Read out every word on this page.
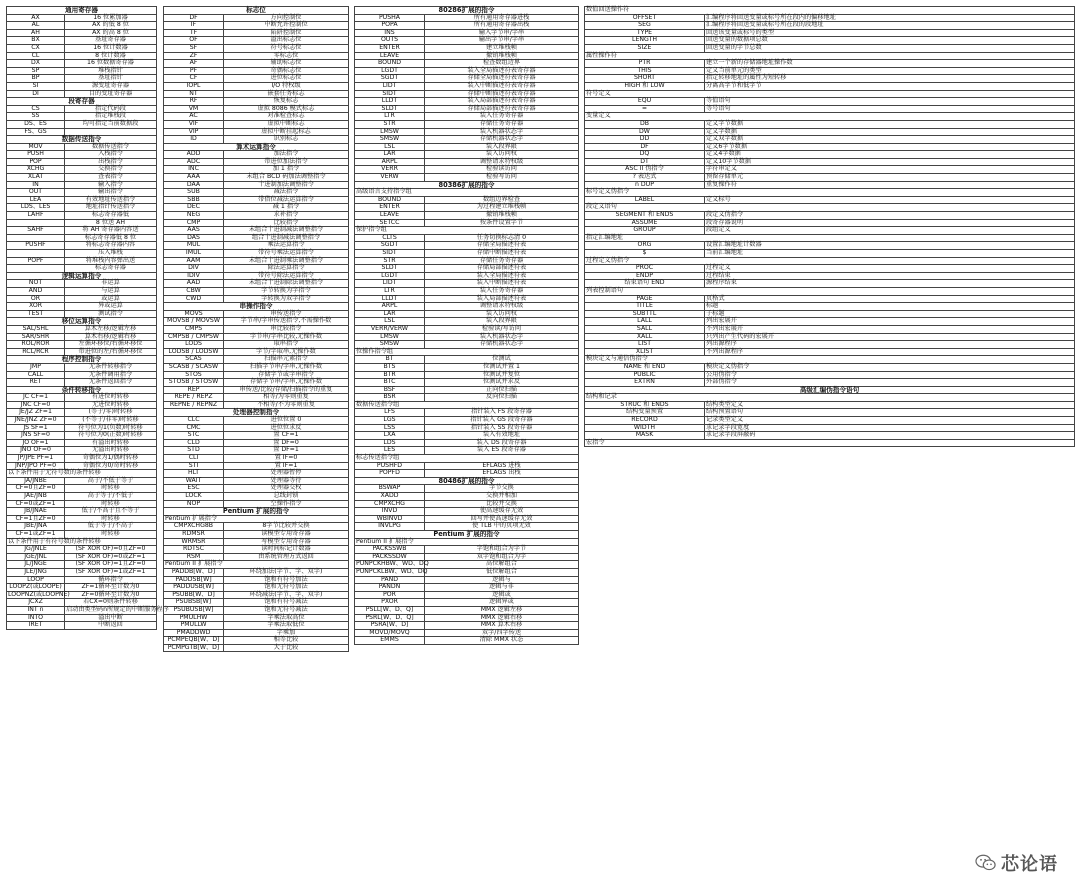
通用寄存器	
AX	16 位累加器
AL	AX 的低 8 位
AH	AX 的高 8 位
BX	基址寄存器
CX	16 位计数器
CL	8 位计数器
DX	16 位数据寄存器
SP	堆栈指针
BP	基址指针
SI	源变址寄存器
DI	目的变址寄存器
段寄存器	
CS	指定代码段
SS	指定堆栈段
DS、ES	均可指定当前数据段
FS、GS	
数据传送指令	
MOV	数据传送指令
PUSH	入栈指令
POP	出栈指令
XCHG	交换指令
XLAT	查表指令
IN	输入指令
OUT	输出指令
LEA	有效地址传送指令
LDS、LES	地址指针传送指令
LAHF	标志寄存器低
	8 位送 AH
SAHF	将 AH 寄存器内容送
	标志寄存器低 8 位
PUSHF	将标志寄存器内容
	压入堆栈
POPF	将堆栈内容弹出送
	标志寄存器
逻辑运算指令	
NOT	非运算
AND	与运算
OR	或运算
XOR	异或运算
TEST	测试指令
移位运算指令	
SAL/SHL	算术左移/逻辑左移
SAR/SHR	算术右移/逻辑右移
ROL/ROR	左循环移位/右循环移位
RCL/RCR	带进位的左/右循环移位
程序控制指令	
JMP	无条件转移指令
CALL	无条件调用指令
RET	无条件返回指令
条件转移指令	
JC CF=1	有进位时转移
JNC CF=0	无进位时转移
JE/JZ ZF=1	(等于/零)时转移
JNE/JNZ ZF=0	(不等于/非零)时转移
JS SF=1	符号位为1(负数)时转移
JNS SF=0	符号位为0(正数)时转移
JO OF=1	有溢出时转移
JNO OF=0	无溢出时转移
JP/JPE PF=1	奇偶位为1/偶时转移
JNP/JPO PF=0	奇偶位为0/奇时转移
以下条件用于无符号数的条件转移	
JA/JNBE	高于/不低于等于
CF=0且ZF=0	时转移
JAE/JNB	高于等于/不低于
CF=0或ZF=1	时转移
JB/JNAE	低于/不高于且不等于
CF=1且ZF=0	时转移
JBE/JNA	低于等于/不高于
CF=1或ZF=1	时转移
以下条件用于有符号数的条件转移	
JG/JNLE	(SF XOR OF)=0且ZF=0
JGE/JNL	(SF XOR OF)=0或ZF=1
JL/JNGE	(SF XOR OF)=1且ZF=0
JLE/JNG	(SF XOR OF)=1或ZF=1
LOOP	循环指令
LOOPZ(或LOOPE)	ZF=1循环至计数为0
LOOPNZ(或LOOPNE)	ZF=0循环至计数为0
JCXZ	若CX=0则条件转移
INT n	启动由类型码n所规定的中断服务程序
INTO	溢出中断
IRET	中断返回
标志位	
DF	方向控制位
IF	中断允许控制位
TF	陷阱控制位
OF	溢出标志位
SF	符号标志位
ZF	零标志位
AF	辅助标志位
PF	奇偶标志位
CF	进位标志位
IOPL	I/O 特权级
NT	嵌套任务标志
RF	恢复标志
VM	虚拟 8086 模式标志
AC	对准检查标志
VIF	虚拟中断标志
VIP	虚拟中断挂起标志
ID	识别标志
算术运算指令	
ADD	加法指令
ADC	带进位加法指令
INC	加 1 指令
AAA	未组合 BCD 码加法调整指令
DAA	十进制加法调整指令
SUB	减法指令
SBB	带借位减法运算指令
DEC	减 1 指令
NEG	求补指令
CMP	比较指令
AAS	未组合十进制减法调整指令
DAS	组合十进制减法调整指令
MUL	乘法运算指令
IMUL	带符号乘法运算指令
AAM	未组合十进制乘法调整指令
DIV	除法运算指令
IDIV	带符号除法运算指令
AAD	未组合十进制除法调整指令
CBW	字节转换为字指令
CWD	字转换为双字指令
串操作指令	
MOVS	串传送指令
MOVSB / MOVSW	字节串/字串传送指令,不需操作数
CMPS	串比较指令
CMPSB / CMPSW	字节串/字串比较,无操作数
LODS	取串指令
LODSB / LODSW	字节/字取串,无操作数
SCAS	扫描串元素指令
SCASB / SCASW	扫描字节串/字串,无操作数
STOS	存储字节或字串指令
STOSB / STOSW	存储字节串/字串,无操作数
REP	串传送/比较/存储/扫描指令的重复
REPE / REPZ	相等/为零则重复
REPNE / REPNZ	不相等/不为零则重复
处理器控制指令	
CLC	进位位置 0
CMC	进位位求反
STC	置 CF=1
CLD	置 DF=0
STD	置 DF=1
CLI	置 IF=0
STI	置 IF=1
HLT	处理器暂停
WAIT	处理器等待
ESC	处理器交权
LOCK	总线封锁
NOP	空操作指令
Pentium 扩展的指令	
Pentium 扩展指令	
CMPXCHG8B	8字节比较并交换
RDMSR	读模型专用寄存器
WRMSR	写模型专用寄存器
RDTSC	读时间标记计数器
RSM	由系统管理方式返回
Pentium II 扩展指令	
PADDB[W、D]	环绕加法(字节、字、双字)
PADDSB[W]	饱和有符号加法
PADDUSB[W]	饱和无符号加法
PSUBB[W、D]	环绕减法(字节、字、双字)
PSUBSB[W]	饱和有符号减法
PSUBUSB[W]	饱和无符号减法
PMULHW	字乘法取高位
PMULLW	字乘法取低位
PMADDWD	字乘加
PCMPEQB[W、D]	相等比较
PCMPGTB[W、D]	大于比较
80286扩展的指令	
PUSHA	所有通用寄存器进栈
POPA	所有通用寄存器出栈
INS	输入字节串/字串
OUTS	输出字节串/字串
ENTER	建立堆栈帧
LEAVE	撤销堆栈帧
BOUND	检查数组边界
LGDT	装入全局描述符表寄存器
SGDT	存储全局描述符表寄存器
LIDT	装入中断描述符表寄存器
SIDT	存储中断描述符表寄存器
LLDT	装入局部描述符表寄存器
SLDT	存储局部描述符表寄存器
LTR	装入任务寄存器
STR	存储任务寄存器
LMSW	装入机器状态字
SMSW	存储机器状态字
LSL	装入段界限
LAR	装入访问权
ARPL	调整请求特权级
VERR	检验读访问
VERW	检验写访问
80386扩展的指令	
高级语言支持指令组	
BOUND	数组边界检查
ENTER	为过程建立堆栈帧
LEAVE	撤销堆栈帧
SETCC	按条件设置字节
保护指令组	
CLTS	任务切换标志清 0
SGDT	存储全局描述符表
SIDT	存储中断描述符表
STR	存储任务寄存器
SLDT	存储局部描述符表
LGDT	装入全局描述符表
LIDT	装入中断描述符表
LTR	装入任务寄存器
LLDT	装入局部描述符表
ARPL	调整请求特权级
LAR	装入访问权
LSL	装入段界限
VERR/VERW	检验读/写访问
LMSW	装入机器状态字
SMSW	存储机器状态字
位操作指令组	
BT	位测试
BTS	位测试并置 1
BTR	位测试并复位
BTC	位测试并求反
BSF	正向位扫描
BSR	反向位扫描
数据传送指令组	
LFS	指针装入 FS 段寄存器
LGS	指针装入 GS 段寄存器
LSS	指针装入 SS 段寄存器
LXA	装入有效地址
LDS	装入 DS 段寄存器
LES	装入 ES 段寄存器
标志传送指令组	
PUSHFD	EFLAGS 进栈
POPFD	EFLAGS 出栈
80486扩展的指令	
BSWAP	字节交换
XADD	交换并相加
CMPXCHG	比较并交换
INVD	使高速缓存无效
WBINVD	回写并使高速缓存无效
INVLPG	使 TLB 中的页项无效
Pentium 扩展的指令	
Pentium II 扩展指令	
PACKSSWB	字饱和组合为字节
PACKSSDW	双字饱和组合为字
PUNPCKHBW、WD、DQ	高位解组合
PUNPCKLBW、WD、DQ	低位解组合
PAND	逻辑与
PANDN	逻辑与非
POR	逻辑或
PXOR	逻辑异或
PSLL[W、D、Q]	MMX 逻辑左移
PSRL[W、D、Q]	MMX 逻辑右移
PSRA[W、D]	MMX 算术右移
MOVD/MOVQ	双字/四字传送
EMMS	清除 MMX 状态
数值回送操作符	
OFFSET	汇编程序将回送变量或标号所在段内的偏移地址
SEG	汇编程序将回送变量或标号所在段的段地址
TYPE	回送该变量或标号的类型
LENGTH	回送变量的数据项总数
SIZE	回送变量的字节总数
属性操作符	
PTR	建立一个新的存储器地址操作数
THIS	定义当前单元的类型
SHORT	指定转移地址的属性为短转移
HIGH 和 LOW	分离高字节和低字节
符号定义	
EQU	等值语句
=	等号语句
变量定义	
DB	定义字节数据
DW	定义字数据
DD	定义双字数据
DF	定义6字节数据
DQ	定义4字数据
DT	定义10字节数据
ASC II 伪指令	字符串定义
? 表达式	预留存储单元
n DUP	重复操作符
标号定义伪指令	
LABEL	定义标号
段定义语句	
SEGMENT 和 ENDS	段定义伪指令
ASSUME	段寄存器说明
GROUP	段组定义
指定汇编地址	
ORG	设置汇编地址计数器
$	当前汇编地址
过程定义伪指令	
PROC	过程定义
ENDP	过程结束
结束语句 END	源程序结束
列表控制语句	
PAGE	页格式
TITLE	标题
SUBTTL	子标题
LALL	列出宏展开
SALL	不列出宏展开
XALL	只列出产生代码的宏展开
LIST	列出源程序
XLIST	不列出源程序
模块定义与通信伪指令	
NAME 和 END	模块定义伪指令
PUBLIC	公用伪指令
EXTRN	外部伪指令
高级汇编伪指令语句	
结构和记录	
STRUC 和 ENDS	结构类型定义
结构变量预置	结构预置语句
RECORD	记录类型定义
WIDTH	求记录字段宽度
MASK	求记录字段屏蔽码
宏指令	
芯论语
